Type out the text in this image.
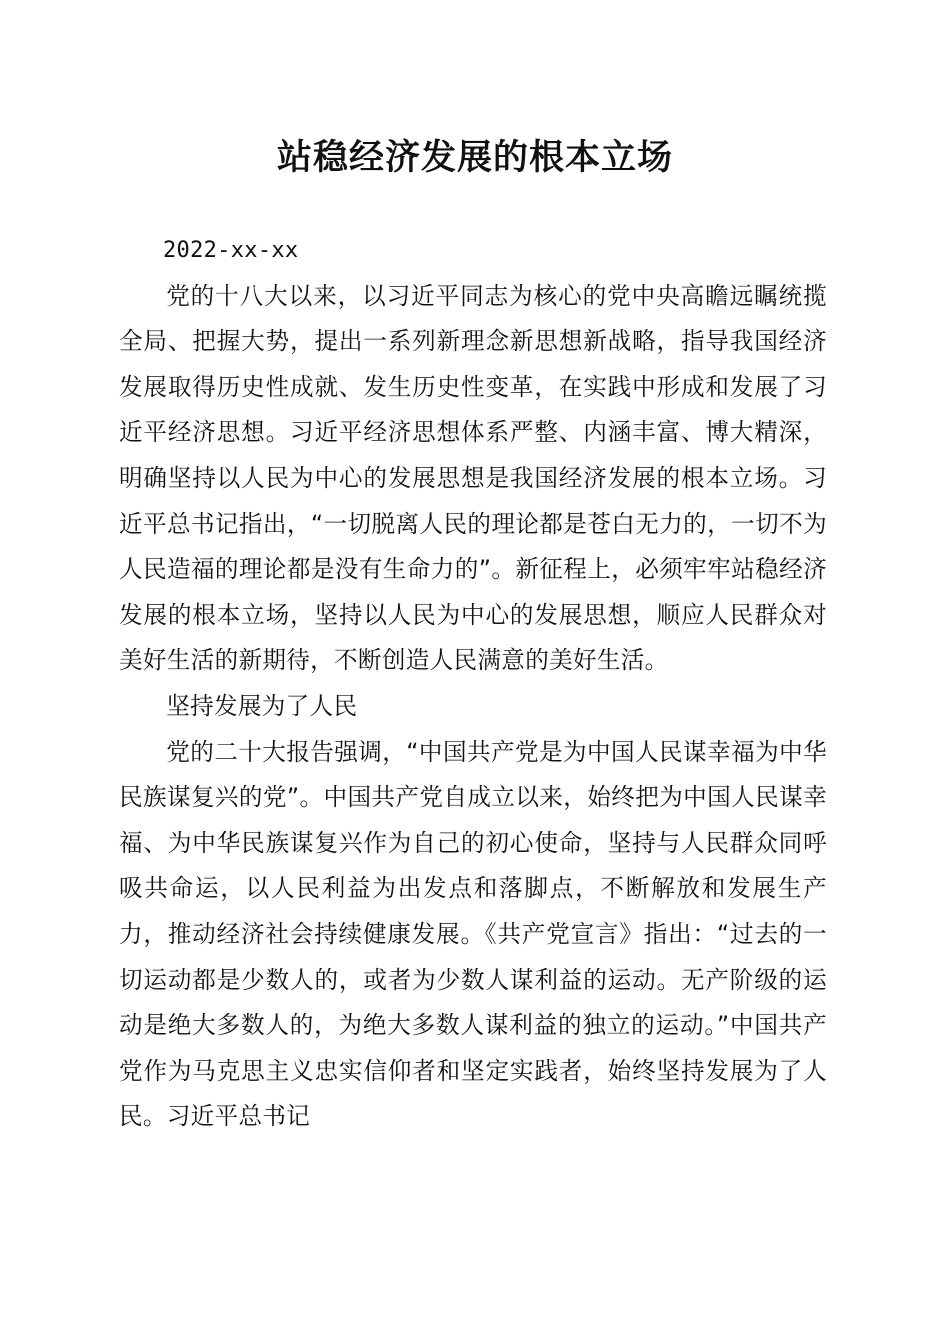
站稳经济发展的根本立场

2022-xx-xx

党的十八大以来，以习近平同志为核心的党中央高瞻远瞩统揽全局、把握大势，提出一系列新理念新思想新战略，指导我国经济发展取得历史性成就、发生历史性变革，在实践中形成和发展了习近平经济思想。习近平经济思想体系严整、内涵丰富、博大精深，明确坚持以人民为中心的发展思想是我国经济发展的根本立场。习近平总书记指出，“一切脱离人民的理论都是苍白无力的，一切不为人民造福的理论都是没有生命力的”。新征程上，必须牢牢站稳经济发展的根本立场，坚持以人民为中心的发展思想，顺应人民群众对美好生活的新期待，不断创造人民满意的美好生活。

坚持发展为了人民

党的二十大报告强调，“中国共产党是为中国人民谋幸福为中华民族谋复兴的党”。中国共产党自成立以来，始终把为中国人民谋幸福、为中华民族谋复兴作为自己的初心使命，坚持与人民群众同呼吸共命运，以人民利益为出发点和落脚点，不断解放和发展生产力，推动经济社会持续健康发展。《共产党宣言》指出：“过去的一切运动都是少数人的，或者为少数人谋利益的运动。无产阶级的运动是绝大多数人的，为绝大多数人谋利益的独立的运动。”中国共产党作为马克思主义忠实信仰者和坚定实践者，始终坚持发展为了人民。习近平总书记
